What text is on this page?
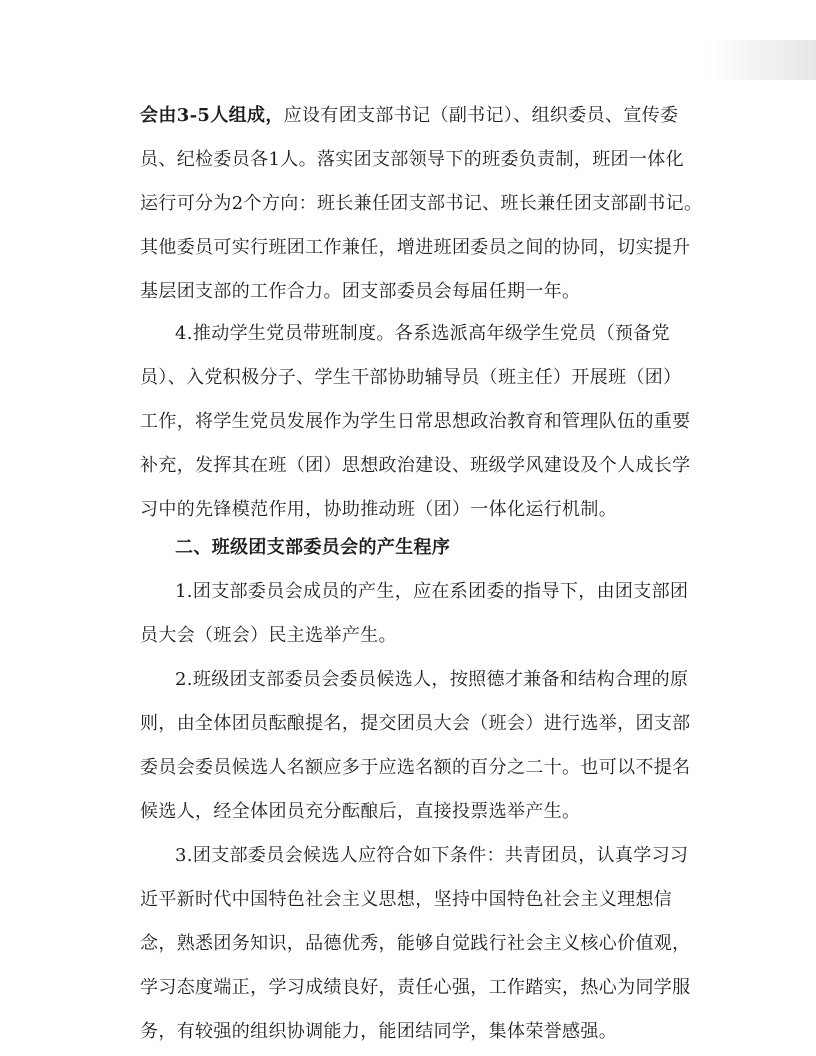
会由3-5人组成，应设有团支部书记（副书记）、组织委员、宣传委
员、纪检委员各1人。落实团支部领导下的班委负责制，班团一体化
运行可分为2个方向：班长兼任团支部书记、班长兼任团支部副书记。
其他委员可实行班团工作兼任，增进班团委员之间的协同，切实提升
基层团支部的工作合力。团支部委员会每届任期一年。
4.推动学生党员带班制度。各系选派高年级学生党员（预备党
员）、入党积极分子、学生干部协助辅导员（班主任）开展班（团）
工作，将学生党员发展作为学生日常思想政治教育和管理队伍的重要
补充，发挥其在班（团）思想政治建设、班级学风建设及个人成长学
习中的先锋模范作用，协助推动班（团）一体化运行机制。
二、班级团支部委员会的产生程序
1.团支部委员会成员的产生，应在系团委的指导下，由团支部团
员大会（班会）民主选举产生。
2.班级团支部委员会委员候选人，按照德才兼备和结构合理的原
则，由全体团员酝酿提名，提交团员大会（班会）进行选举，团支部
委员会委员候选人名额应多于应选名额的百分之二十。也可以不提名
候选人，经全体团员充分酝酿后，直接投票选举产生。
3.团支部委员会候选人应符合如下条件：共青团员，认真学习习
近平新时代中国特色社会主义思想，坚持中国特色社会主义理想信
念，熟悉团务知识，品德优秀，能够自觉践行社会主义核心价值观，
学习态度端正，学习成绩良好，责任心强，工作踏实，热心为同学服
务，有较强的组织协调能力，能团结同学，集体荣誉感强。
